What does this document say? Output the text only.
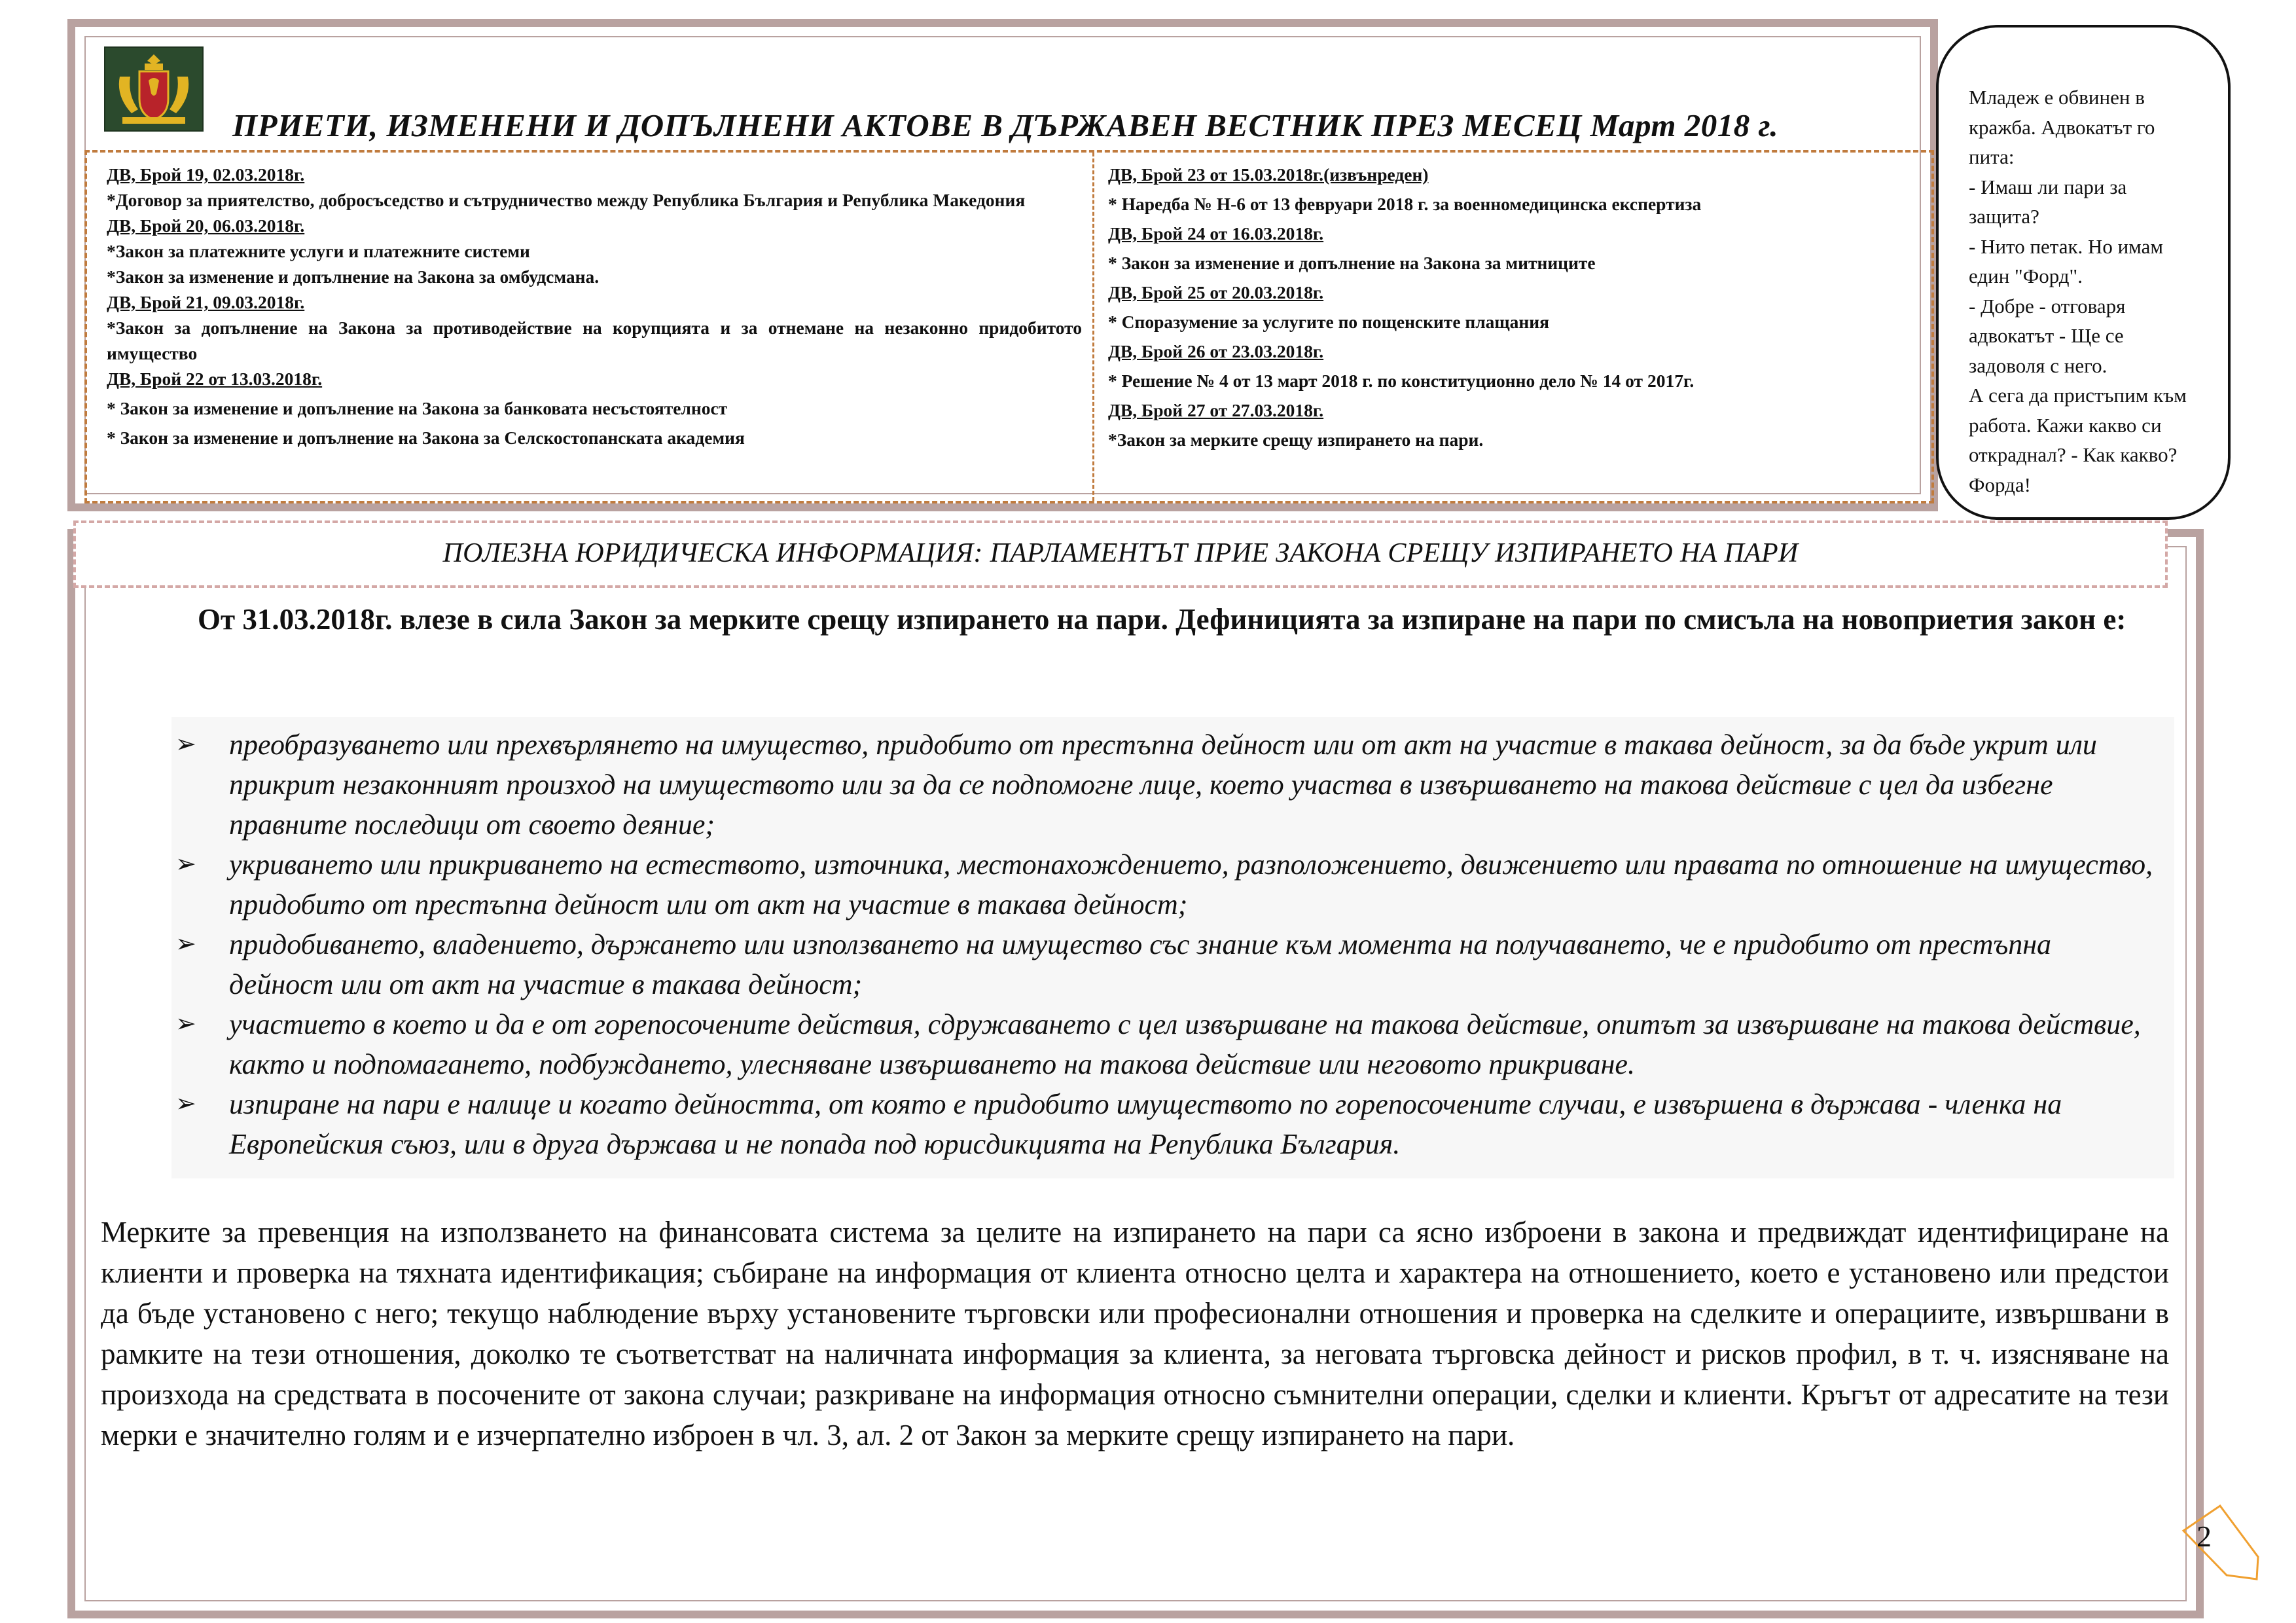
ПРИЕТИ, ИЗМЕНЕНИ И ДОПЪЛНЕНИ АКТОВЕ В ДЪРЖАВЕН ВЕСТНИК ПРЕЗ МЕСЕЦ Март 2018 г.
ДВ, Брой 19, 02.03.2018г.
*Договор за приятелство, добросъседство и сътрудничество между Република България и Република Македония
ДВ, Брой 20, 06.03.2018г.
*Закон за платежните услуги и платежните системи
*Закон за изменение и допълнение на Закона за омбудсмана.
ДВ, Брой 21, 09.03.2018г.
*Закон за допълнение на Закона за противодействие на корупцията и за отнемане на незаконно придобитото имущество
ДВ, Брой 22 от 13.03.2018г.
* Закон за изменение и допълнение на Закона за банковата несъстоятелност
* Закон за изменение и допълнение на Закона за Селскостопанската академия
ДВ, Брой 23 от 15.03.2018г.(извънреден)
* Наредба № Н-6 от 13 февруари 2018 г. за военномедицинска експертиза
ДВ, Брой 24 от 16.03.2018г.
* Закон за изменение и допълнение на Закона за митниците
ДВ, Брой 25 от 20.03.2018г.
* Споразумение за услугите по пощенските плащания
ДВ, Брой 26 от 23.03.2018г.
* Решение № 4 от 13 март 2018 г. по конституционно дело № 14 от 2017г.
ДВ, Брой 27 от 27.03.2018г.
*Закон за мерките срещу изпирането на пари.
ПОЛЕЗНА ЮРИДИЧЕСКА ИНФОРМАЦИЯ: ПАРЛАМЕНТЪТ ПРИЕ ЗАКОНА СРЕЩУ ИЗПИРАНЕТО НА ПАРИ
От 31.03.2018г. влезе в сила Закон за мерките срещу изпирането на пари. Дефиницията за изпиране на пари по смисъла на новоприетия закон е:
➢ преобразуването или прехвърлянето на имущество, придобито от престъпна дейност или от акт на участие в такава дейност, за да бъде укрит или прикрит незаконният произход на имуществото или за да се подпомогне лице, което участва в извършването на такова действие с цел да избегне правните последици от своето деяние;
➢ укриването или прикриването на естеството, източника, местонахождението, разположението, движението или правата по отношение на имущество, придобито от престъпна дейност или от акт на участие в такава дейност;
➢ придобиването, владението, държането или използването на имущество със знание към момента на получаването, че е придобито от престъпна дейност или от акт на участие в такава дейност;
➢ участието в което и да е от горепосочените действия, сдружаването с цел извършване на такова действие, опитът за извършване на такова действие, както и подпомагането, подбуждането, улесняване извършването на такова действие или неговото прикриване.
➢ изпиране на пари е налице и когато дейността, от която е придобито имуществото по горепосочените случаи, е извършена в държава - членка на Европейския съюз, или в друга държава и не попада под юрисдикцията на Република България.
Мерките за превенция на използването на финансовата система за целите на изпирането на пари са ясно изброени в закона и предвиждат идентифициране на клиенти и проверка на тяхната идентификация; събиране на информация от клиента относно целта и характера на отношението, което е установено или предстои да бъде установено с него; текущо наблюдение върху установените търговски или професионални отношения и проверка на сделките и операциите, извършвани в рамките на тези отношения, доколко те съответстват на наличната информация за клиента, за неговата търговска дейност и рисков профил, в т. ч. изясняване на произхода на средствата в посочените от закона случаи; разкриване на информация относно съмнителни операции, сделки и клиенти. Кръгът от адресатите на тези мерки е значително голям и е изчерпателно изброен в чл. 3, ал. 2 от Закон за мерките срещу изпирането на пари.
Младеж е обвинен в
кражба. Адвокатът го
пита:
- Имаш ли пари за
защита?
- Нито петак. Но имам
един "Форд".
- Добре - отговаря
адвокатът - Ще се
задоволя с него.
А сега да пристъпим към
работа. Кажи какво си
откраднал? - Как какво?
Форда!
2
